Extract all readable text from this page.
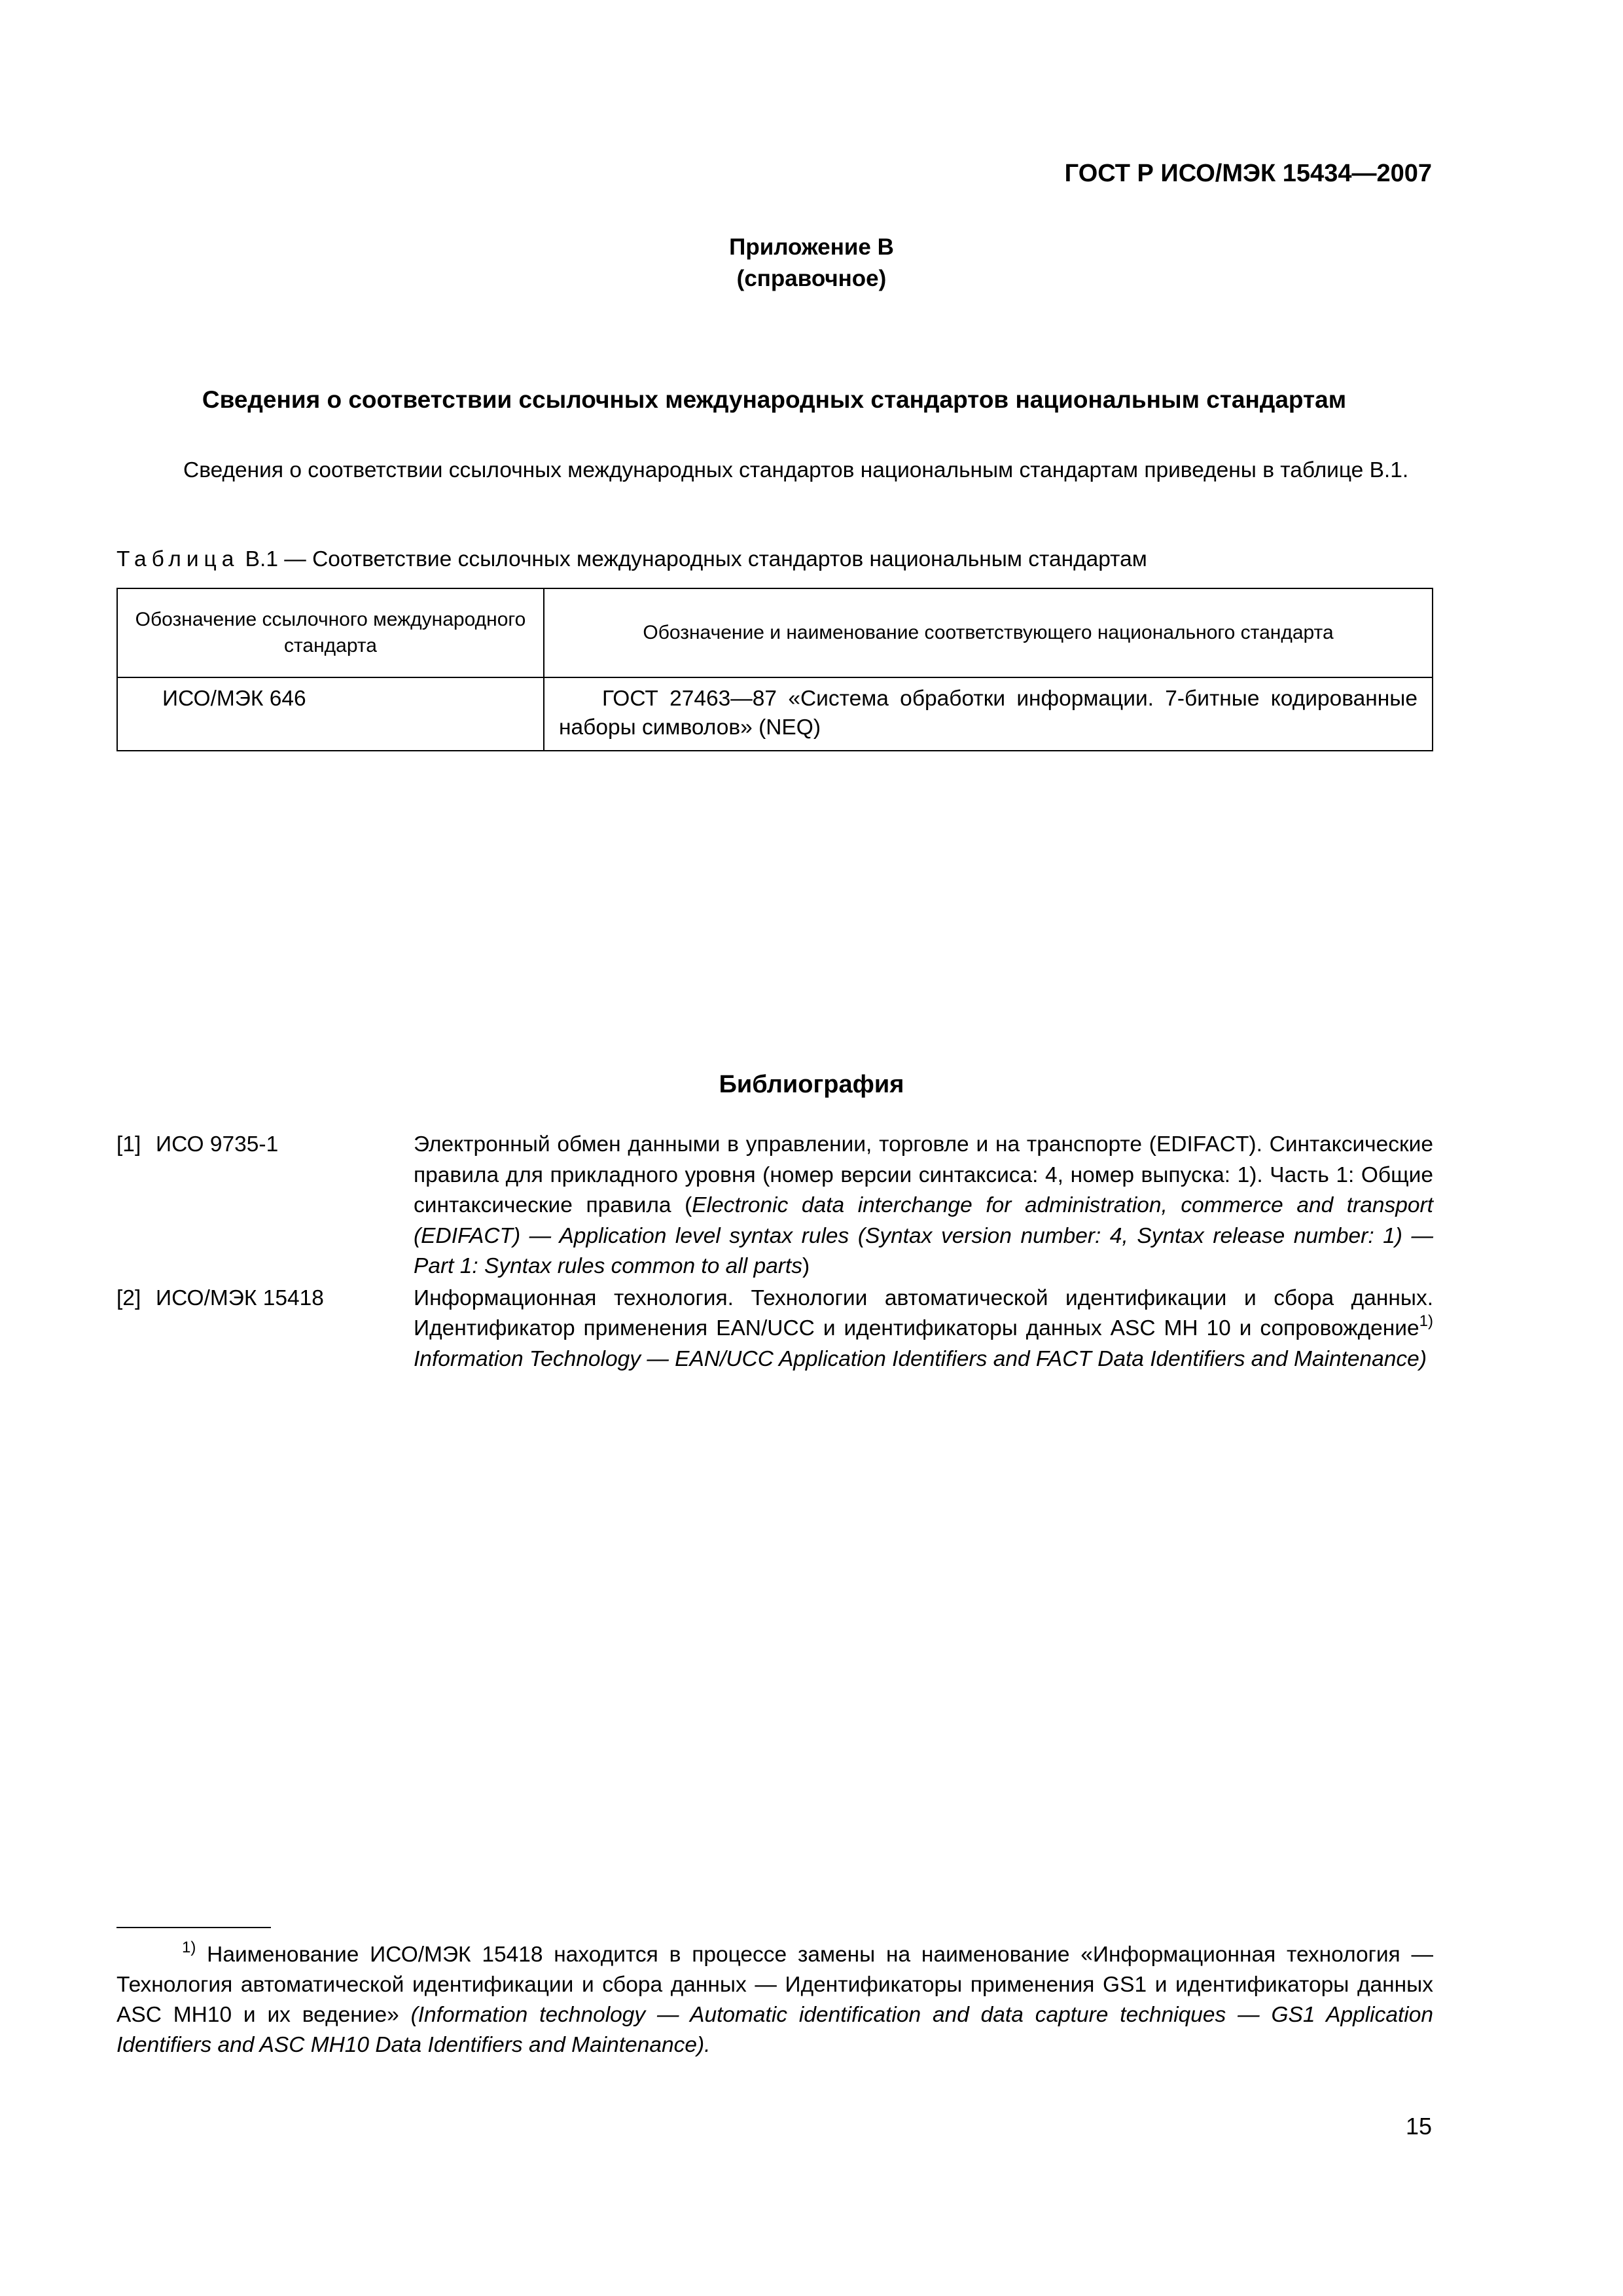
ГОСТ Р ИСО/МЭК 15434—2007
Приложение В
(справочное)
Сведения о соответствии ссылочных международных стандартов национальным стандартам
Сведения о соответствии ссылочных международных стандартов национальным стандартам приведены в таблице В.1.
Таблица В.1 — Соответствие ссылочных международных стандартов национальным стандартам
Обозначение ссылочного международного стандарта	Обозначение и наименование соответствующего национального стандарта
ИСО/МЭК 646	ГОСТ 27463—87 «Система обработки информации. 7-битные кодированные наборы символов» (NEQ)
Библиография
[1] ИСО 9735-1	Электронный обмен данными в управлении, торговле и на транспорте (EDIFACT). Синтаксические правила для прикладного уровня (номер версии синтаксиса: 4, номер выпуска: 1). Часть 1: Общие синтаксические правила (Electronic data interchange for administration, commerce and transport (EDIFACT) — Application level syntax rules (Syntax version number: 4, Syntax release number: 1) — Part 1: Syntax rules common to all parts)
[2] ИСО/МЭК 15418	Информационная технология. Технологии автоматической идентификации и сбора данных. Идентификатор применения EAN/UCC и идентификаторы данных ASC MH 10 и сопровождение$^{1)}$ Information Technology — EAN/UCC Application Identifiers and FACT Data Identifiers and Maintenance)
$^{1)}$ Наименование ИСО/МЭК 15418 находится в процессе замены на наименование «Информационная технология — Технология автоматической идентификации и сбора данных — Идентификаторы применения GS1 и идентификаторы данных ASC MH10 и их ведение» (Information technology — Automatic identification and data capture techniques — GS1 Application Identifiers and ASC MH10 Data Identifiers and Maintenance).
15
